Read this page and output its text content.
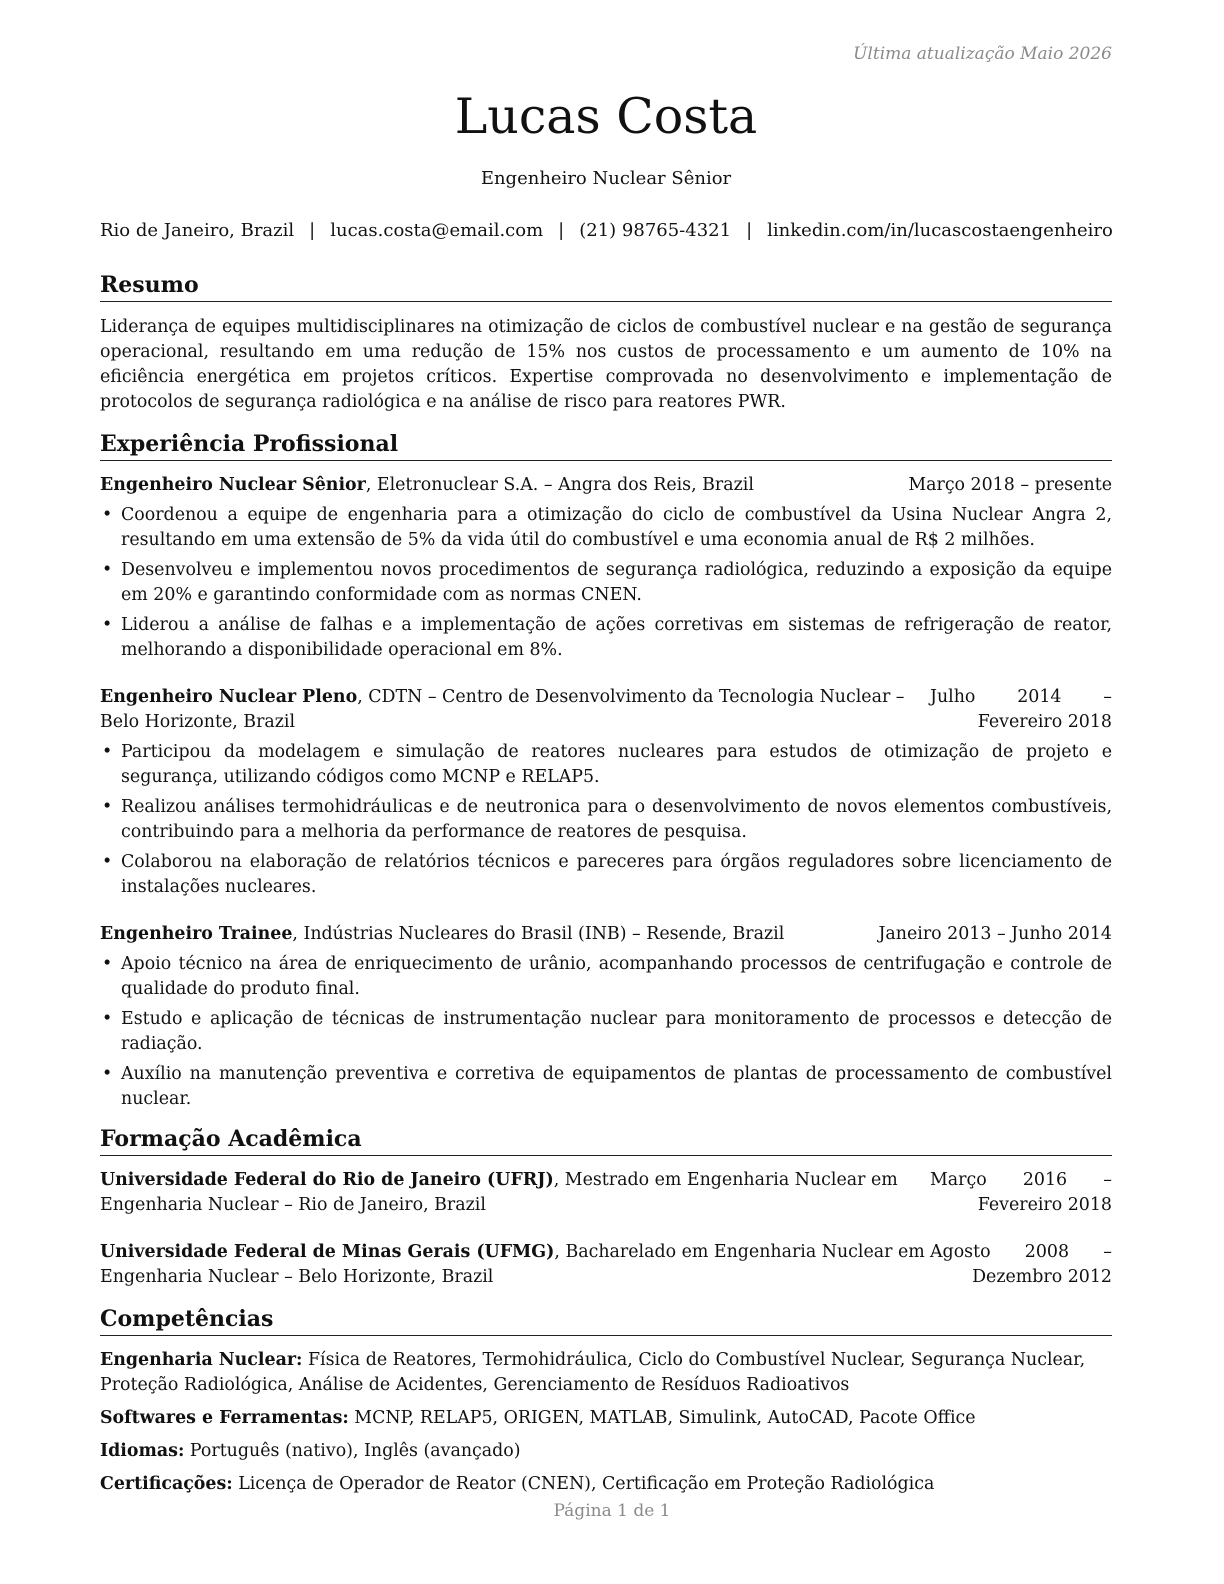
Última atualização Maio 2026
Lucas Costa
Engenheiro Nuclear Sênior
Rio de Janeiro, Brazil | lucas.costa@email.com | (21) 98765-4321 | linkedin.com/in/lucascostaengenheiro
Resumo
Liderança de equipes multidisciplinares na otimização de ciclos de combustível nuclear e na gestão de segurança operacional, resultando em uma redução de 15% nos custos de processamento e um aumento de 10% na eficiência energética em projetos críticos. Expertise comprovada no desenvolvimento e implementação de protocolos de segurança radiológica e na análise de risco para reatores PWR.
Experiência Profissional
Engenheiro Nuclear Sênior, Eletronuclear S.A. – Angra dos Reis, Brazil	Março 2018 – presente
• Coordenou a equipe de engenharia para a otimização do ciclo de combustível da Usina Nuclear Angra 2, resultando em uma extensão de 5% da vida útil do combustível e uma economia anual de R$ 2 milhões.
• Desenvolveu e implementou novos procedimentos de segurança radiológica, reduzindo a exposição da equipe em 20% e garantindo conformidade com as normas CNEN.
• Liderou a análise de falhas e a implementação de ações corretivas em sistemas de refrigeração de reator, melhorando a disponibilidade operacional em 8%.
Engenheiro Nuclear Pleno, CDTN – Centro de Desenvolvimento da Tecnologia Nuclear – Belo Horizonte, Brazil
Julho 2014 – Fevereiro 2018
• Participou da modelagem e simulação de reatores nucleares para estudos de otimização de projeto e segurança, utilizando códigos como MCNP e RELAP5.
• Realizou análises termohidráulicas e de neutronica para o desenvolvimento de novos elementos combustíveis, contribuindo para a melhoria da performance de reatores de pesquisa.
• Colaborou na elaboração de relatórios técnicos e pareceres para órgãos reguladores sobre licenciamento de instalações nucleares.
Engenheiro Trainee, Indústrias Nucleares do Brasil (INB) – Resende, Brazil	Janeiro 2013 – Junho 2014
• Apoio técnico na área de enriquecimento de urânio, acompanhando processos de centrifugação e controle de qualidade do produto final.
• Estudo e aplicação de técnicas de instrumentação nuclear para monitoramento de processos e detecção de radiação.
• Auxílio na manutenção preventiva e corretiva de equipamentos de plantas de processamento de combustível nuclear.
Formação Acadêmica
Universidade Federal do Rio de Janeiro (UFRJ), Mestrado em Engenharia Nuclear em Engenharia Nuclear – Rio de Janeiro, Brazil
Março 2016 – Fevereiro 2018
Universidade Federal de Minas Gerais (UFMG), Bacharelado em Engenharia Nuclear em Engenharia Nuclear – Belo Horizonte, Brazil
Agosto 2008 – Dezembro 2012
Competências

Engenharia Nuclear: Física de Reatores, Termohidráulica, Ciclo do Combustível Nuclear, Segurança Nuclear, Proteção Radiológica, Análise de Acidentes, Gerenciamento de Resíduos Radioativos

Softwares e Ferramentas: MCNP, RELAP5, ORIGEN, MATLAB, Simulink, AutoCAD, Pacote Office

Idiomas: Português (nativo), Inglês (avançado)

Certificações: Licença de Operador de Reator (CNEN), Certificação em Proteção Radiológica

Página 1 de 1
